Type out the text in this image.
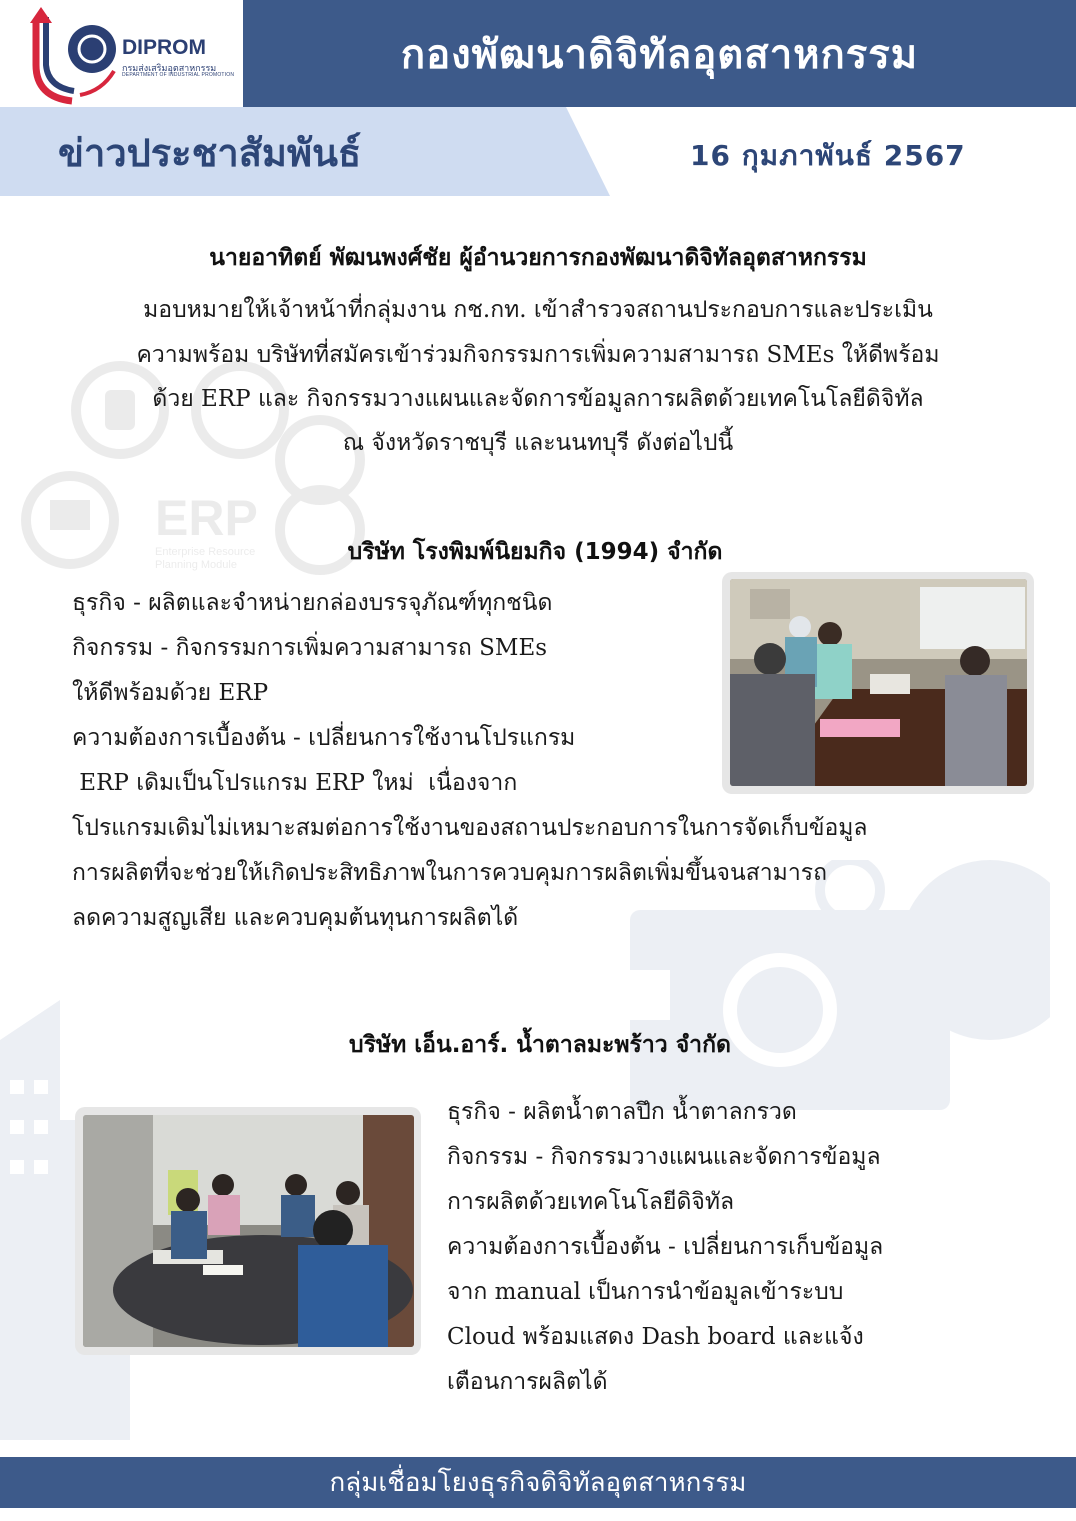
ERP
Enterprise Resource
Planning Module
DIPROM
กรมส่งเสริมอุตสาหกรรม
DEPARTMENT OF INDUSTRIAL PROMOTION	กองพัฒนาดิจิทัลอุตสาหกรรม
ข่าวประชาสัมพันธ์	16 กุมภาพันธ์ 2567
นายอาทิตย์ พัฒนพงศ์ชัย ผู้อำนวยการกองพัฒนาดิจิทัลอุตสาหกรรม
มอบหมายให้เจ้าหน้าที่กลุ่มงาน กช.กท. เข้าสำรวจสถานประกอบการและประเมิน
ความพร้อม บริษัทที่สมัครเข้าร่วมกิจกรรมการเพิ่มความสามารถ SMEs ให้ดีพร้อม
ด้วย ERP และ กิจกรรมวางแผนและจัดการข้อมูลการผลิตด้วยเทคโนโลยีดิจิทัล
ณ จังหวัดราชบุรี และนนทบุรี ดังต่อไปนี้
บริษัท โรงพิมพ์นิยมกิจ (1994) จำกัด
ธุรกิจ - ผลิตและจำหน่ายกล่องบรรจุภัณฑ์ทุกชนิด
กิจกรรม - กิจกรรมการเพิ่มความสามารถ SMEs
ให้ดีพร้อมด้วย ERP
ความต้องการเบื้องต้น - เปลี่ยนการใช้งานโปรแกรม
ERP เดิมเป็นโปรแกรม ERP ใหม่  เนื่องจาก
โปรแกรมเดิมไม่เหมาะสมต่อการใช้งานของสถานประกอบการในการจัดเก็บข้อมูล
การผลิตที่จะช่วยให้เกิดประสิทธิภาพในการควบคุมการผลิตเพิ่มขึ้นจนสามารถ
ลดความสูญเสีย และควบคุมต้นทุนการผลิตได้
บริษัท เอ็น.อาร์. น้ำตาลมะพร้าว จำกัด
ธุรกิจ - ผลิตน้ำตาลปึก น้ำตาลกรวด
กิจกรรม - กิจกรรมวางแผนและจัดการข้อมูล
การผลิตด้วยเทคโนโลยีดิจิทัล
ความต้องการเบื้องต้น - เปลี่ยนการเก็บข้อมูล
จาก manual เป็นการนำข้อมูลเข้าระบบ
Cloud พร้อมแสดง Dash board และแจ้ง
เตือนการผลิตได้
กลุ่มเชื่อมโยงธุรกิจดิจิทัลอุตสาหกรรม
